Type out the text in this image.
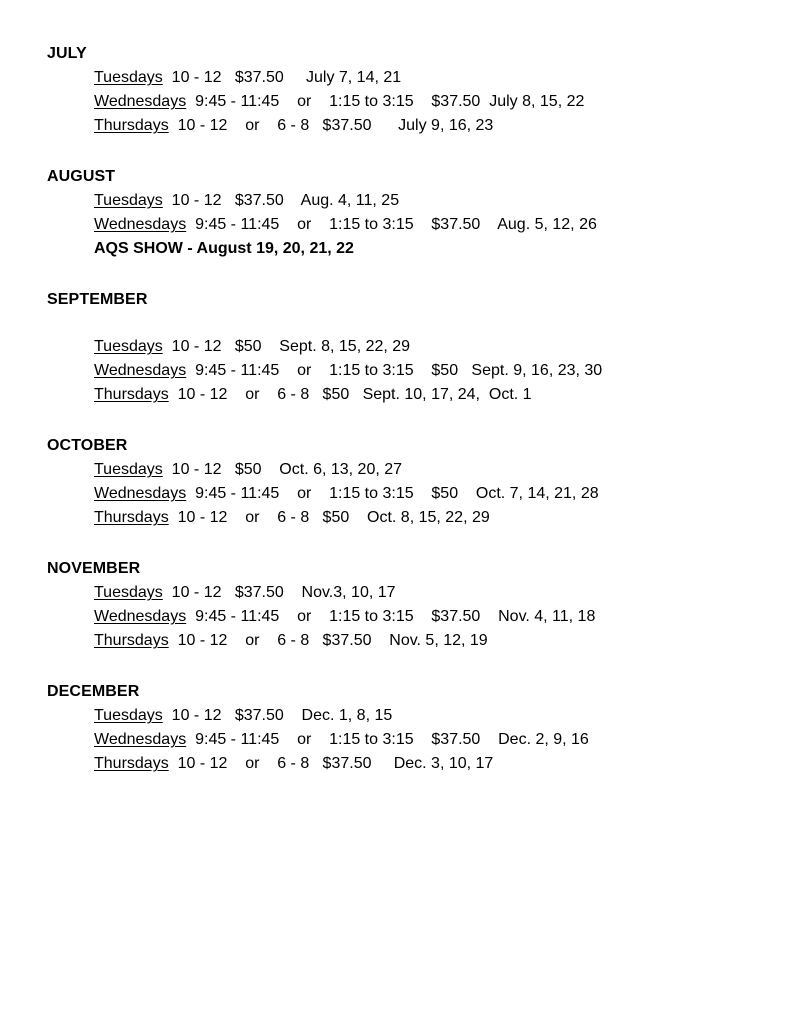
JULY
Tuesdays  10 - 12   $37.50     July 7, 14, 21
Wednesdays  9:45 - 11:45    or    1:15 to 3:15    $37.50  July 8, 15, 22
Thursdays  10 - 12    or    6 - 8   $37.50      July 9, 16, 23
AUGUST
Tuesdays  10 - 12   $37.50    Aug. 4, 11, 25
Wednesdays  9:45 - 11:45    or    1:15 to 3:15    $37.50    Aug. 5, 12, 26
AQS SHOW - August 19, 20, 21, 22
SEPTEMBER
Tuesdays  10 - 12   $50    Sept. 8, 15, 22, 29
Wednesdays  9:45 - 11:45    or    1:15 to 3:15    $50   Sept. 9, 16, 23, 30
Thursdays  10 - 12    or    6 - 8   $50   Sept. 10, 17, 24,  Oct. 1
OCTOBER
Tuesdays  10 - 12   $50    Oct. 6, 13, 20, 27
Wednesdays  9:45 - 11:45    or    1:15 to 3:15    $50    Oct. 7, 14, 21, 28
Thursdays  10 - 12    or    6 - 8   $50    Oct. 8, 15, 22, 29
NOVEMBER
Tuesdays  10 - 12   $37.50    Nov.3, 10, 17
Wednesdays  9:45 - 11:45    or    1:15 to 3:15    $37.50    Nov. 4, 11, 18
Thursdays  10 - 12    or    6 - 8   $37.50    Nov. 5, 12, 19
DECEMBER
Tuesdays  10 - 12   $37.50    Dec. 1, 8, 15
Wednesdays  9:45 - 11:45    or    1:15 to 3:15    $37.50    Dec. 2, 9, 16
Thursdays  10 - 12    or    6 - 8   $37.50     Dec. 3, 10, 17
